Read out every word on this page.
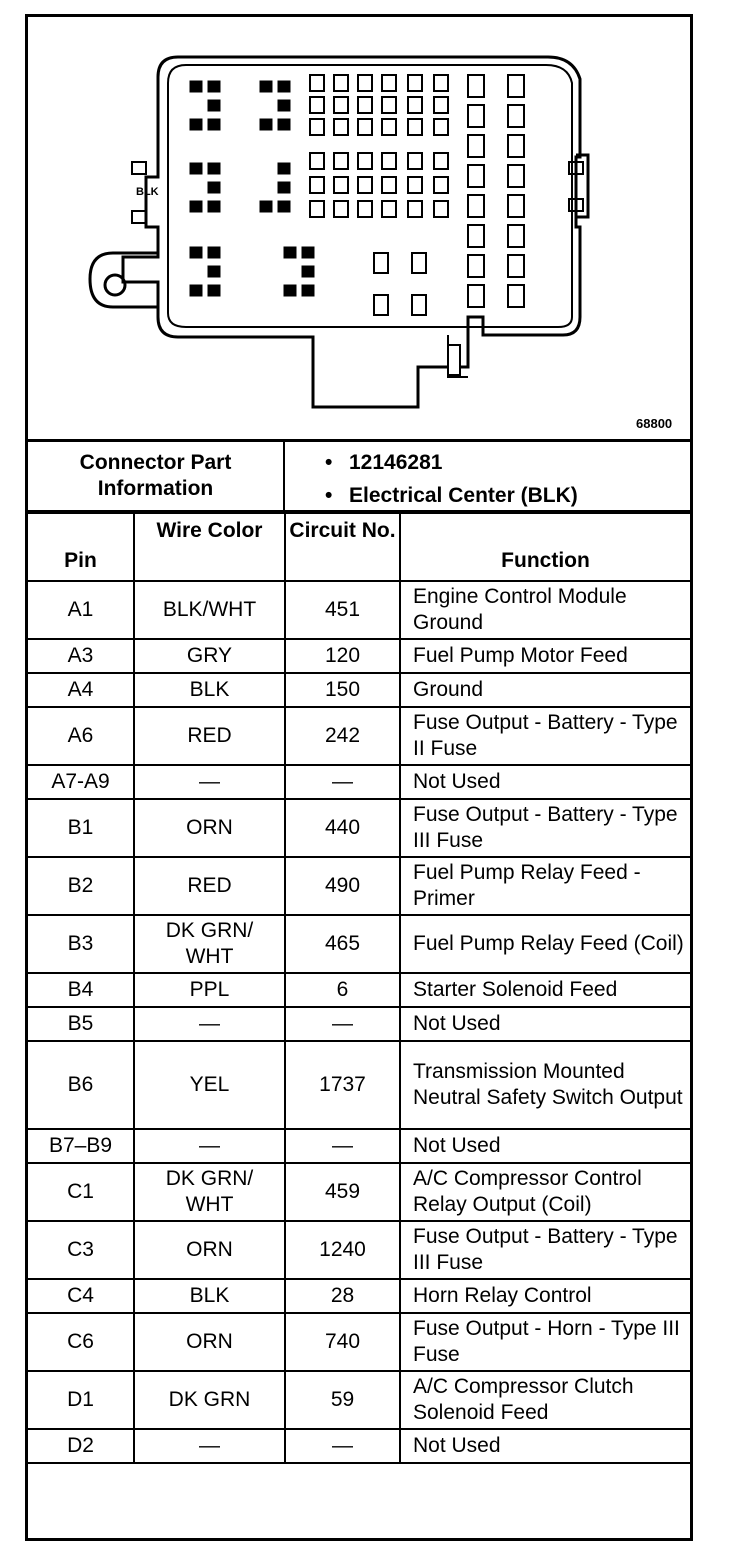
BLK
68800
Connector Part Information
• 12146281
• Electrical Center (BLK)
Pin	Wire Color	Circuit No.	Function
A1	BLK/WHT	451	Engine Control Module Ground
A3	GRY	120	Fuel Pump Motor Feed
A4	BLK	150	Ground
A6	RED	242	Fuse Output - Battery - Type II Fuse
A7-A9	—	—	Not Used
B1	ORN	440	Fuse Output - Battery - Type III Fuse
B2	RED	490	Fuel Pump Relay Feed - Primer
B3	DK GRN/ WHT	465	Fuel Pump Relay Feed (Coil)
B4	PPL	6	Starter Solenoid Feed
B5	—	—	Not Used
B6	YEL	1737	Transmission Mounted Neutral Safety Switch Output
B7–B9	—	—	Not Used
C1	DK GRN/ WHT	459	A/C Compressor Control Relay Output (Coil)
C3	ORN	1240	Fuse Output - Battery - Type III Fuse
C4	BLK	28	Horn Relay Control
C6	ORN	740	Fuse Output - Horn - Type III Fuse
D1	DK GRN	59	A/C Compressor Clutch Solenoid Feed
D2	—	—	Not Used
